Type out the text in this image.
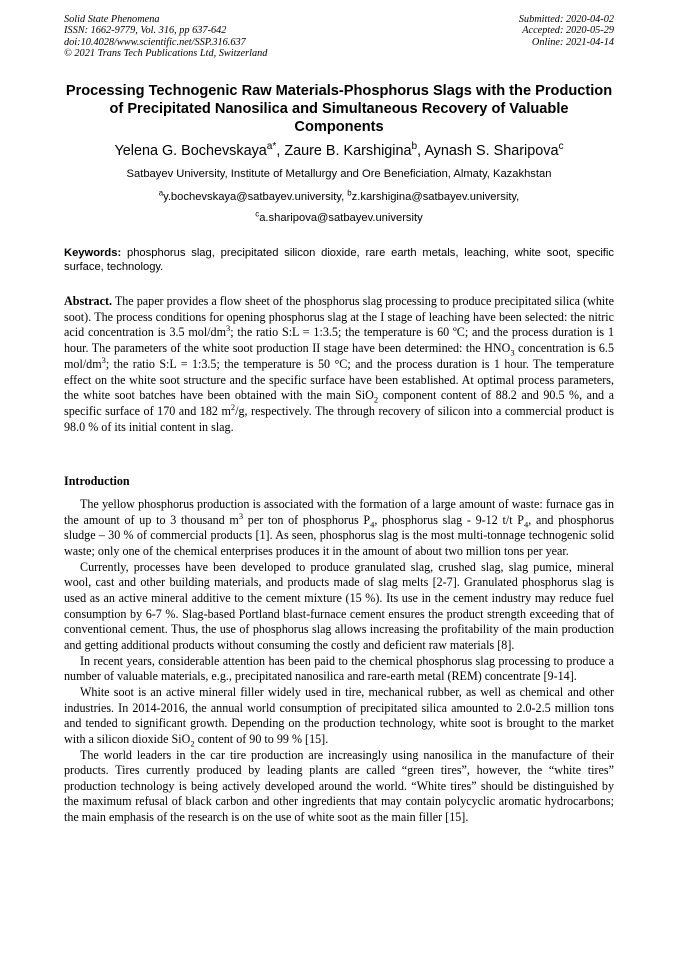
Solid State Phenomena
ISSN: 1662-9779, Vol. 316, pp 637-642
doi:10.4028/www.scientific.net/SSP.316.637
© 2021 Trans Tech Publications Ltd, Switzerland
Submitted: 2020-04-02
Accepted: 2020-05-29
Online: 2021-04-14
Processing Technogenic Raw Materials-Phosphorus Slags with the Production of Precipitated Nanosilica and Simultaneous Recovery of Valuable Components
Yelena G. Bochevskaya$^{a*}$, Zaure B. Karshigina$^b$, Aynash S. Sharipova$^c$
Satbayev University, Institute of Metallurgy and Ore Beneficiation, Almaty, Kazakhstan
$^a$y.bochevskaya@satbayev.university, $^b$z.karshigina@satbayev.university,
$^c$a.sharipova@satbayev.university
Keywords: phosphorus slag, precipitated silicon dioxide, rare earth metals, leaching, white soot, specific surface, technology.
Abstract. The paper provides a flow sheet of the phosphorus slag processing to produce precipitated silica (white soot). The process conditions for opening phosphorus slag at the I stage of leaching have been selected: the nitric acid concentration is 3.5 mol/$dm^3$; the ratio S:L = 1:3.5; the temperature is 60 ºC; and the process duration is 1 hour. The parameters of the white soot production II stage have been determined: the $HNO_3$ concentration is 6.5 mol/$dm^3$; the ratio S:L = 1:3.5; the temperature is 50 °C; and the process duration is 1 hour. The temperature effect on the white soot structure and the specific surface have been established. At optimal process parameters, the white soot batches have been obtained with the main SiO$_2$ component content of 88.2 and 90.5 %, and a specific surface of 170 and 182 $m^2/g$, respectively. The through recovery of silicon into a commercial product is 98.0 % of its initial content in slag.
Introduction

The yellow phosphorus production is associated with the formation of a large amount of waste: furnace gas in the amount of up to 3 thousand $m^3$ per ton of phosphorus $P_4$, phosphorus slag - 9-12 t/t $P_4$, and phosphorus sludge – 30 % of commercial products [1]. As seen, phosphorus slag is the most multi-tonnage technogenic solid waste; only one of the chemical enterprises produces it in the amount of about two million tons per year.

Currently, processes have been developed to produce granulated slag, crushed slag, slag pumice, mineral wool, cast and other building materials, and products made of slag melts [2-7]. Granulated phosphorus slag is used as an active mineral additive to the cement mixture (15 %). Its use in the cement industry may reduce fuel consumption by 6-7 %. Slag-based Portland blast-furnace cement ensures the product strength exceeding that of conventional cement. Thus, the use of phosphorus slag allows increasing the profitability of the main production and getting additional products without consuming the costly and deficient raw materials [8].

In recent years, considerable attention has been paid to the chemical phosphorus slag processing to produce a number of valuable materials, e.g., precipitated nanosilica and rare-earth metal (REM) concentrate [9-14].

White soot is an active mineral filler widely used in tire, mechanical rubber, as well as chemical and other industries. In 2014-2016, the annual world consumption of precipitated silica amounted to 2.0-2.5 million tons and tended to significant growth. Depending on the production technology, white soot is brought to the market with a silicon dioxide SiO$_2$ content of 90 to 99 % [15].

The world leaders in the car tire production are increasingly using nanosilica in the manufacture of their products. Tires currently produced by leading plants are called “green tires”, however, the “white tires” production technology is being actively developed around the world. “White tires” should be distinguished by the maximum refusal of black carbon and other ingredients that may contain polycyclic aromatic hydrocarbons; the main emphasis of the research is on the use of white soot as the main filler [15].
